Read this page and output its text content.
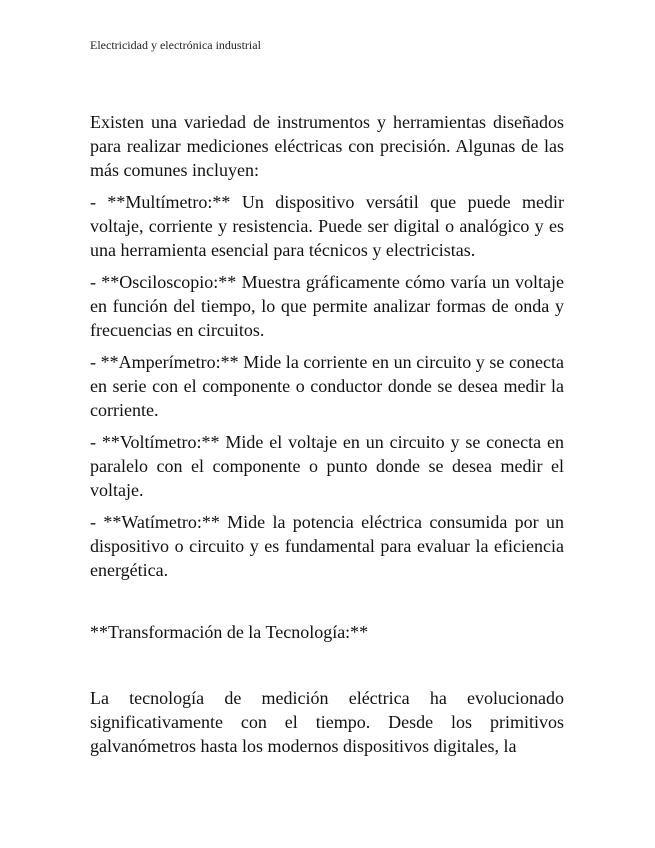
Electricidad y electrónica industrial

Existen una variedad de instrumentos y herramientas diseñados para realizar mediciones eléctricas con precisión. Algunas de las más comunes incluyen:

- **Multímetro:** Un dispositivo versátil que puede medir voltaje, corriente y resistencia. Puede ser digital o analógico y es una herramienta esencial para técnicos y electricistas.

- **Osciloscopio:** Muestra gráficamente cómo varía un voltaje en función del tiempo, lo que permite analizar formas de onda y frecuencias en circuitos.

- **Amperímetro:** Mide la corriente en un circuito y se conecta en serie con el componente o conductor donde se desea medir la corriente.

- **Voltímetro:** Mide el voltaje en un circuito y se conecta en paralelo con el componente o punto donde se desea medir el voltaje.

- **Watímetro:** Mide la potencia eléctrica consumida por un dispositivo o circuito y es fundamental para evaluar la eficiencia energética.

**Transformación de la Tecnología:**

La tecnología de medición eléctrica ha evolucionado significativamente con el tiempo. Desde los primitivos galvanómetros hasta los modernos dispositivos digitales, la
